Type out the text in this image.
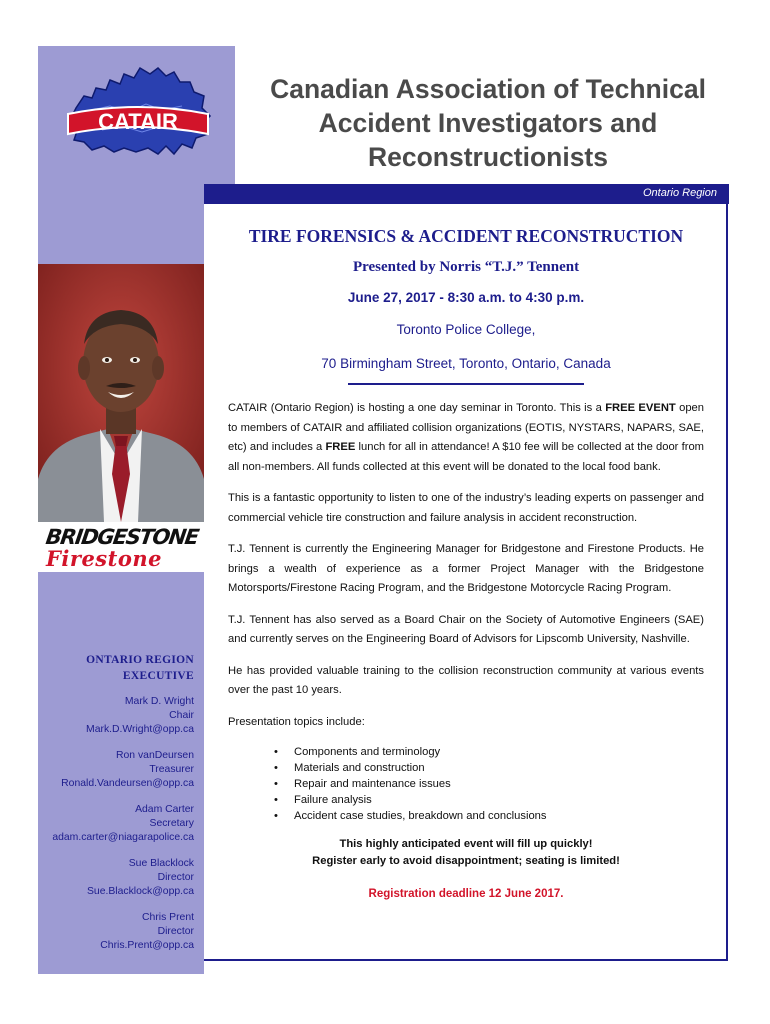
CATAIR
Canadian Association of Technical
Accident Investigators and
Reconstructionists
Ontario Region
BRIDGESTONE
Firestone
ONTARIO REGION
EXECUTIVE
Mark D. Wright
Chair
Mark.D.Wright@opp.ca
Ron vanDeursen
Treasurer
Ronald.Vandeursen@opp.ca
Adam Carter
Secretary
adam.carter@niagarapolice.ca
Sue Blacklock
Director
Sue.Blacklock@opp.ca
Chris Prent
Director
Chris.Prent@opp.ca
TIRE FORENSICS & ACCIDENT RECONSTRUCTION

Presented by Norris “T.J.” Tennent

June 27, 2017 - 8:30 a.m. to 4:30 p.m.

Toronto Police College,

70 Birmingham Street, Toronto, Ontario, Canada

CATAIR (Ontario Region) is hosting a one day seminar in Toronto. This is a FREE EVENT open to members of CATAIR and affiliated collision organizations (EOTIS, NYSTARS, NAPARS, SAE, etc) and includes a FREE lunch for all in attendance! A $10 fee will be collected at the door from all non-members. All funds collected at this event will be donated to the local food bank.

This is a fantastic opportunity to listen to one of the industry’s leading experts on passenger and commercial vehicle tire construction and failure analysis in accident reconstruction.

T.J. Tennent is currently the Engineering Manager for Bridgestone and Firestone Products. He brings a wealth of experience as a former Project Manager with the Bridgestone Motorsports/Firestone Racing Program, and the Bridgestone Motorcycle Racing Program.

T.J. Tennent has also served as a Board Chair on the Society of Automotive Engineers (SAE) and currently serves on the Engineering Board of Advisors for Lipscomb University, Nashville.

He has provided valuable training to the collision reconstruction community at various events over the past 10 years.

Presentation topics include:

• Components and terminology
• Materials and construction
• Repair and maintenance issues
• Failure analysis
• Accident case studies, breakdown and conclusions
This highly anticipated event will fill up quickly!
Register early to avoid disappointment; seating is limited!

Registration deadline 12 June 2017.
